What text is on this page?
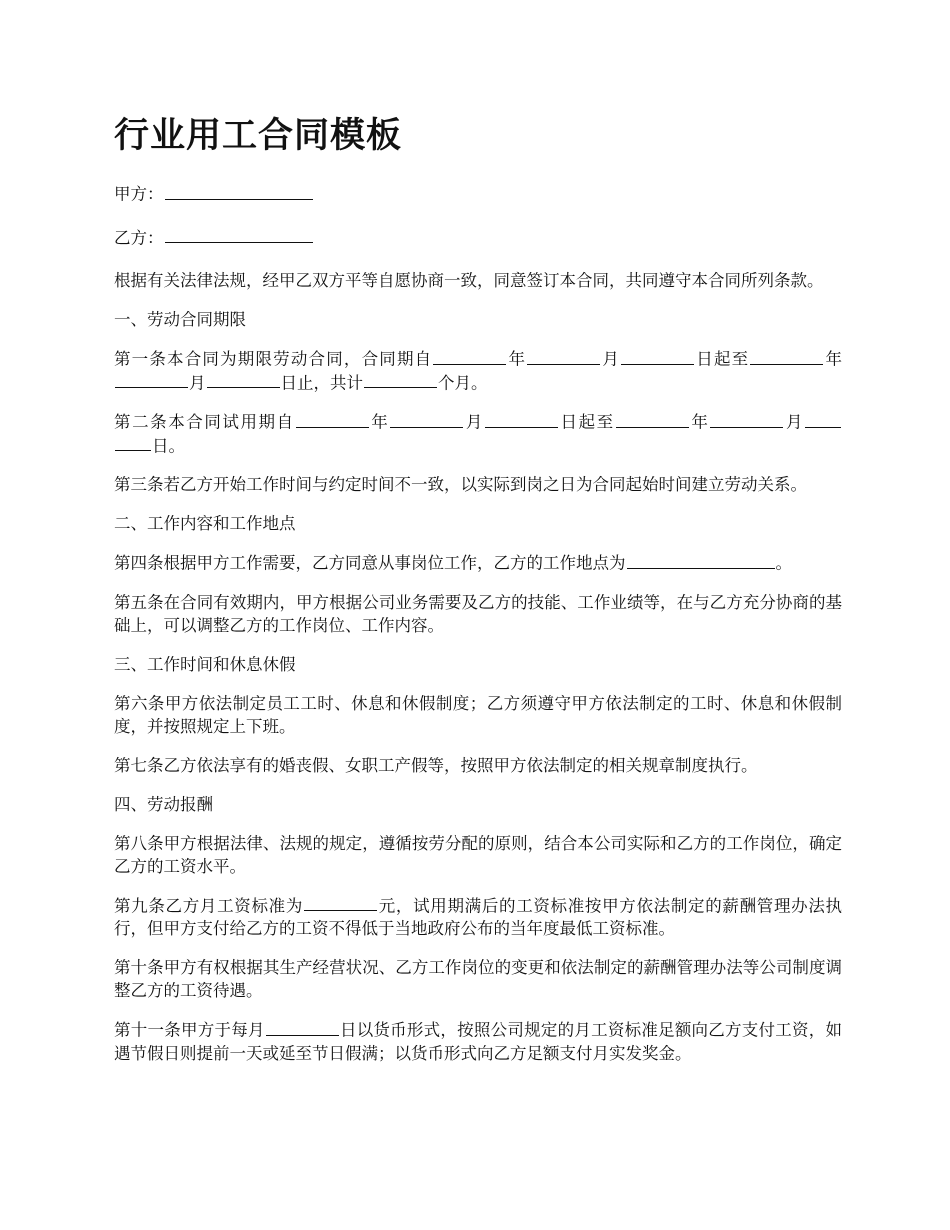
行业用工合同模板

甲方：

乙方：

根据有关法律法规，经甲乙双方平等自愿协商一致，同意签订本合同，共同遵守本合同所列条款。

一、劳动合同期限

第一条本合同为期限劳动合同，合同期自	年	月	日起至	年月	日止，共计	个月。

第二条本合同试用期自	年	月	日起至	年	月日。

第三条若乙方开始工作时间与约定时间不一致，以实际到岗之日为合同起始时间建立劳动关系。

二、工作内容和工作地点

第四条根据甲方工作需要，乙方同意从事岗位工作，乙方的工作地点为	。

第五条在合同有效期内，甲方根据公司业务需要及乙方的技能、工作业绩等，在与乙方充分协商的基础上，可以调整乙方的工作岗位、工作内容。

三、工作时间和休息休假

第六条甲方依法制定员工工时、休息和休假制度；乙方须遵守甲方依法制定的工时、休息和休假制度，并按照规定上下班。

第七条乙方依法享有的婚丧假、女职工产假等，按照甲方依法制定的相关规章制度执行。

四、劳动报酬

第八条甲方根据法律、法规的规定，遵循按劳分配的原则，结合本公司实际和乙方的工作岗位，确定乙方的工资水平。

第九条乙方月工资标准为	元，试用期满后的工资标准按甲方依法制定的薪酬管理办法执行，但甲方支付给乙方的工资不得低于当地政府公布的当年度最低工资标准。

第十条甲方有权根据其生产经营状况、乙方工作岗位的变更和依法制定的薪酬管理办法等公司制度调整乙方的工资待遇。

第十一条甲方于每月	日以货币形式，按照公司规定的月工资标准足额向乙方支付工资，如遇节假日则提前一天或延至节日假满；以货币形式向乙方足额支付月实发奖金。
